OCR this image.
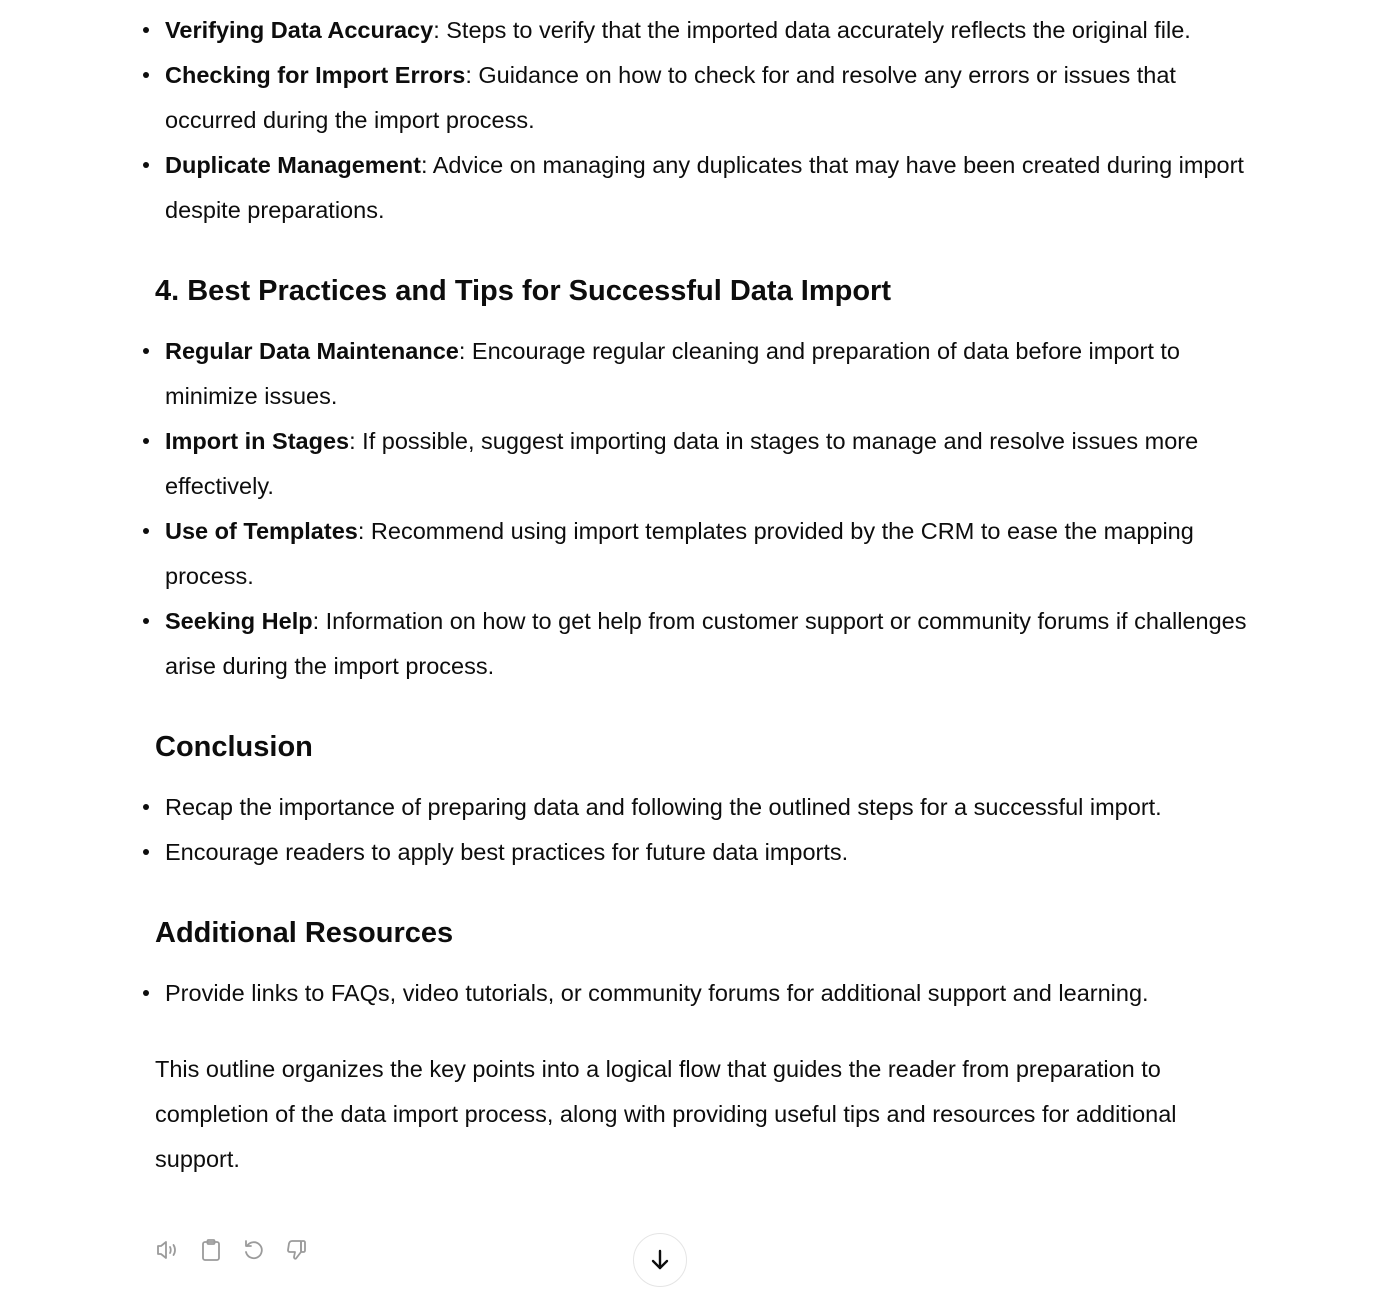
Verifying Data Accuracy: Steps to verify that the imported data accurately reflects the original file.
Checking for Import Errors: Guidance on how to check for and resolve any errors or issues that occurred during the import process.
Duplicate Management: Advice on managing any duplicates that may have been created during import despite preparations.
4. Best Practices and Tips for Successful Data Import
Regular Data Maintenance: Encourage regular cleaning and preparation of data before import to minimize issues.
Import in Stages: If possible, suggest importing data in stages to manage and resolve issues more effectively.
Use of Templates: Recommend using import templates provided by the CRM to ease the mapping process.
Seeking Help: Information on how to get help from customer support or community forums if challenges arise during the import process.
Conclusion
Recap the importance of preparing data and following the outlined steps for a successful import.
Encourage readers to apply best practices for future data imports.
Additional Resources
Provide links to FAQs, video tutorials, or community forums for additional support and learning.

This outline organizes the key points into a logical flow that guides the reader from preparation to completion of the data import process, along with providing useful tips and resources for additional support.
